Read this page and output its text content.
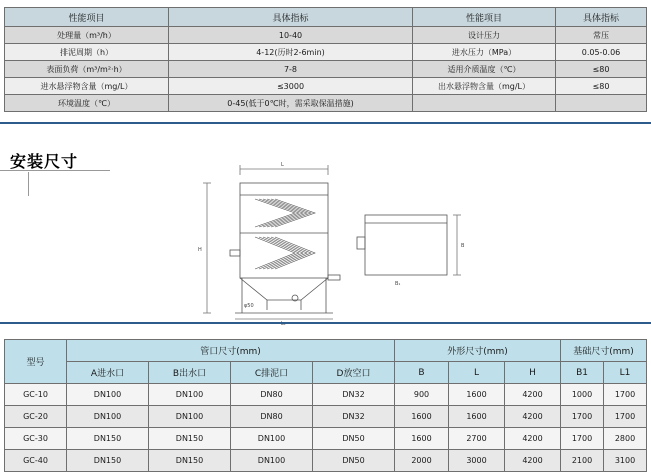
性能项目	具体指标	性能项目	具体指标
处理量（m³/h）	10-40	设计压力	常压
排泥周期（h）	4-12(历时2-6min)	进水压力（MPa）	0.05-0.06
表面负荷（m³/m²·h）	7-8	适用介质温度（℃）	≤80
进水悬浮物含量（mg/L）	≤3000	出水悬浮物含量（mg/L）	≤80
环境温度（℃）	0-45(低于0℃时，需采取保温措施)		
安装尺寸	L
H
L₁
φ50
B
B₁
型号	管口尺寸(mm)				外形尺寸(mm)			基础尺寸(mm)	
	A进水口	B出水口	C排泥口	D放空口	B	L	H	B1	L1
GC-10	DN100	DN100	DN80	DN32	900	1600	4200	1000	1700
GC-20	DN100	DN100	DN80	DN32	1600	1600	4200	1700	1700
GC-30	DN150	DN150	DN100	DN50	1600	2700	4200	1700	2800
GC-40	DN150	DN150	DN100	DN50	2000	3000	4200	2100	3100
